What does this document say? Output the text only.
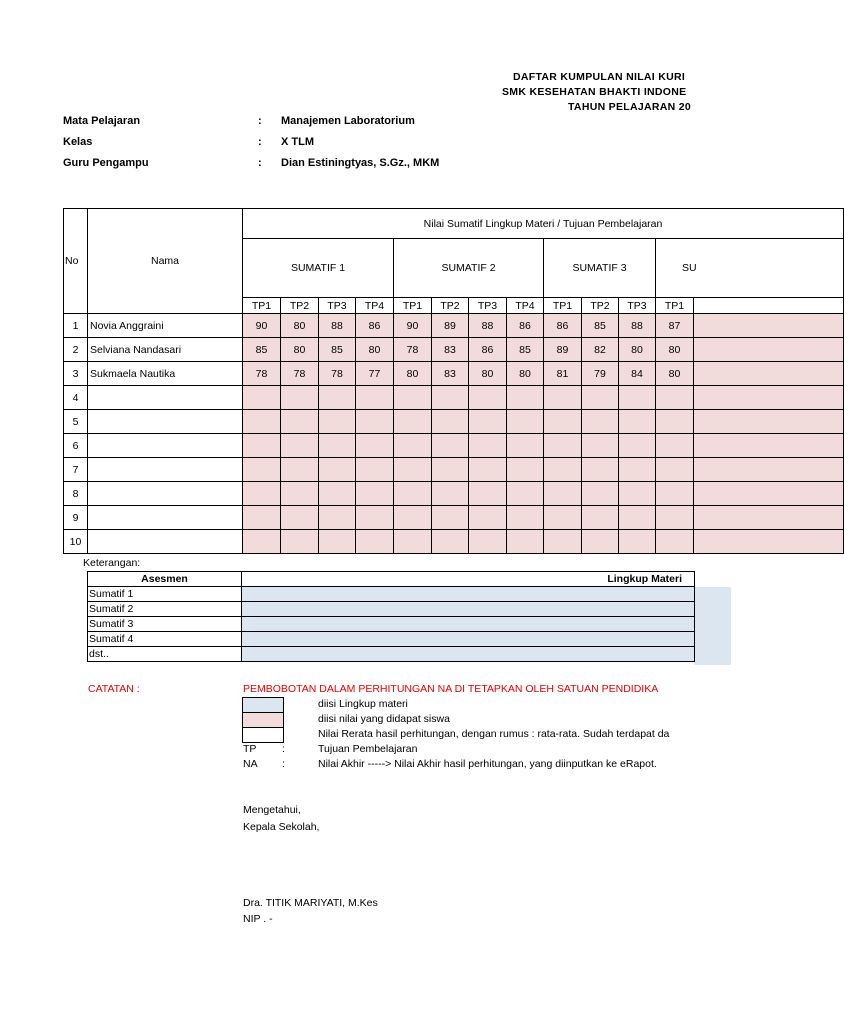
DAFTAR KUMPULAN NILAI KURI
SMK KESEHATAN BHAKTI INDONE
TAHUN PELAJARAN 20
Mata Pelajaran	: Manajemen Laboratorium
Kelas	: X TLM
Guru Pengampu	: Dian Estiningtyas, S.Gz., MKM
No	Nama	Nilai Sumatif Lingkup Materi / Tujuan Pembelajaran												
		SUMATIF 1				SUMATIF 2				SUMATIF 3			SU	
		TP1	TP2	TP3	TP4	TP1	TP2	TP3	TP4	TP1	TP2	TP3	TP1	
1	Novia Anggraini	90	80	88	86	90	89	88	86	86	85	88	87	
2	Selviana Nandasari	85	80	85	80	78	83	86	85	89	82	80	80	
3	Sukmaela Nautika	78	78	78	77	80	83	80	80	81	79	84	80	
4														
5														
6														
7														
8														
9														
10														
Keterangan:
Asesmen	Lingkup Materi
Sumatif 1	
Sumatif 2	
Sumatif 3	
Sumatif 4	
dst..	
CATATAN :	PEMBOBOTAN DALAM PERHITUNGAN NA DI TETAPKAN OLEH SATUAN PENDIDIKA
:	diisi Lingkup materi
:	diisi nilai yang didapat siswa
:	Nilai Rerata hasil perhitungan, dengan rumus : rata-rata. Sudah terdapat da
TP :	Tujuan Pembelajaran
NA :	Nilai Akhir -----> Nilai Akhir hasil perhitungan, yang diinputkan ke eRapot.
Mengetahui,
Kepala Sekolah,
Dra. TITIK MARIYATI, M.Kes
NIP . -
